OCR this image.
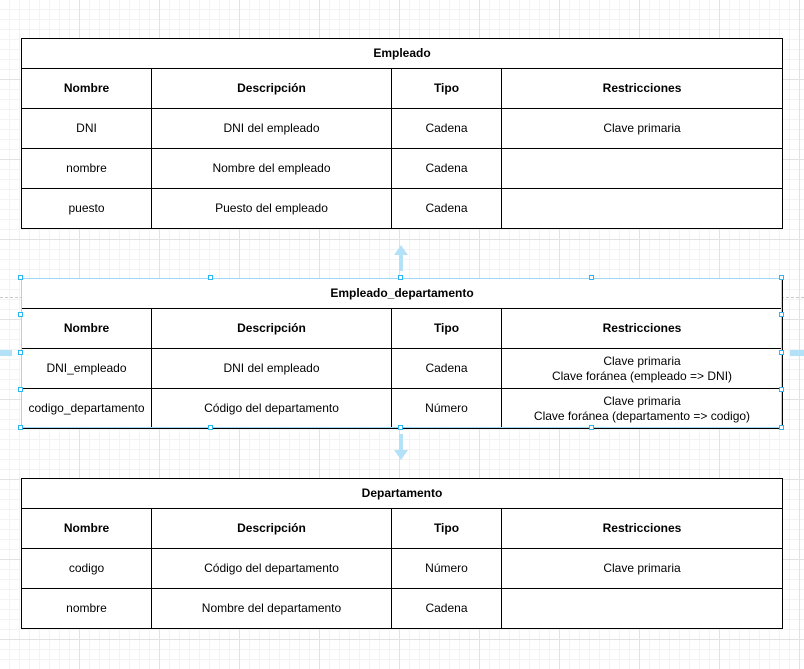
Empleado			
Nombre	Descripción	Tipo	Restricciones
DNI	DNI del empleado	Cadena	Clave primaria

nombre	Nombre del empleado	Cadena	
puesto	Puesto del empleado	Cadena	
Empleado_departamento			
Nombre	Descripción	Tipo	Restricciones
DNI_empleado	DNI del empleado	Cadena	Clave primaria
Clave foránea (empleado => DNI)

codigo_departamento	Código del departamento	Número	Clave primaria
Clave foránea (departamento => codigo)
Departamento			
Nombre	Descripción	Tipo	Restricciones
codigo	Código del departamento	Número	Clave primaria

nombre	Nombre del departamento	Cadena	
